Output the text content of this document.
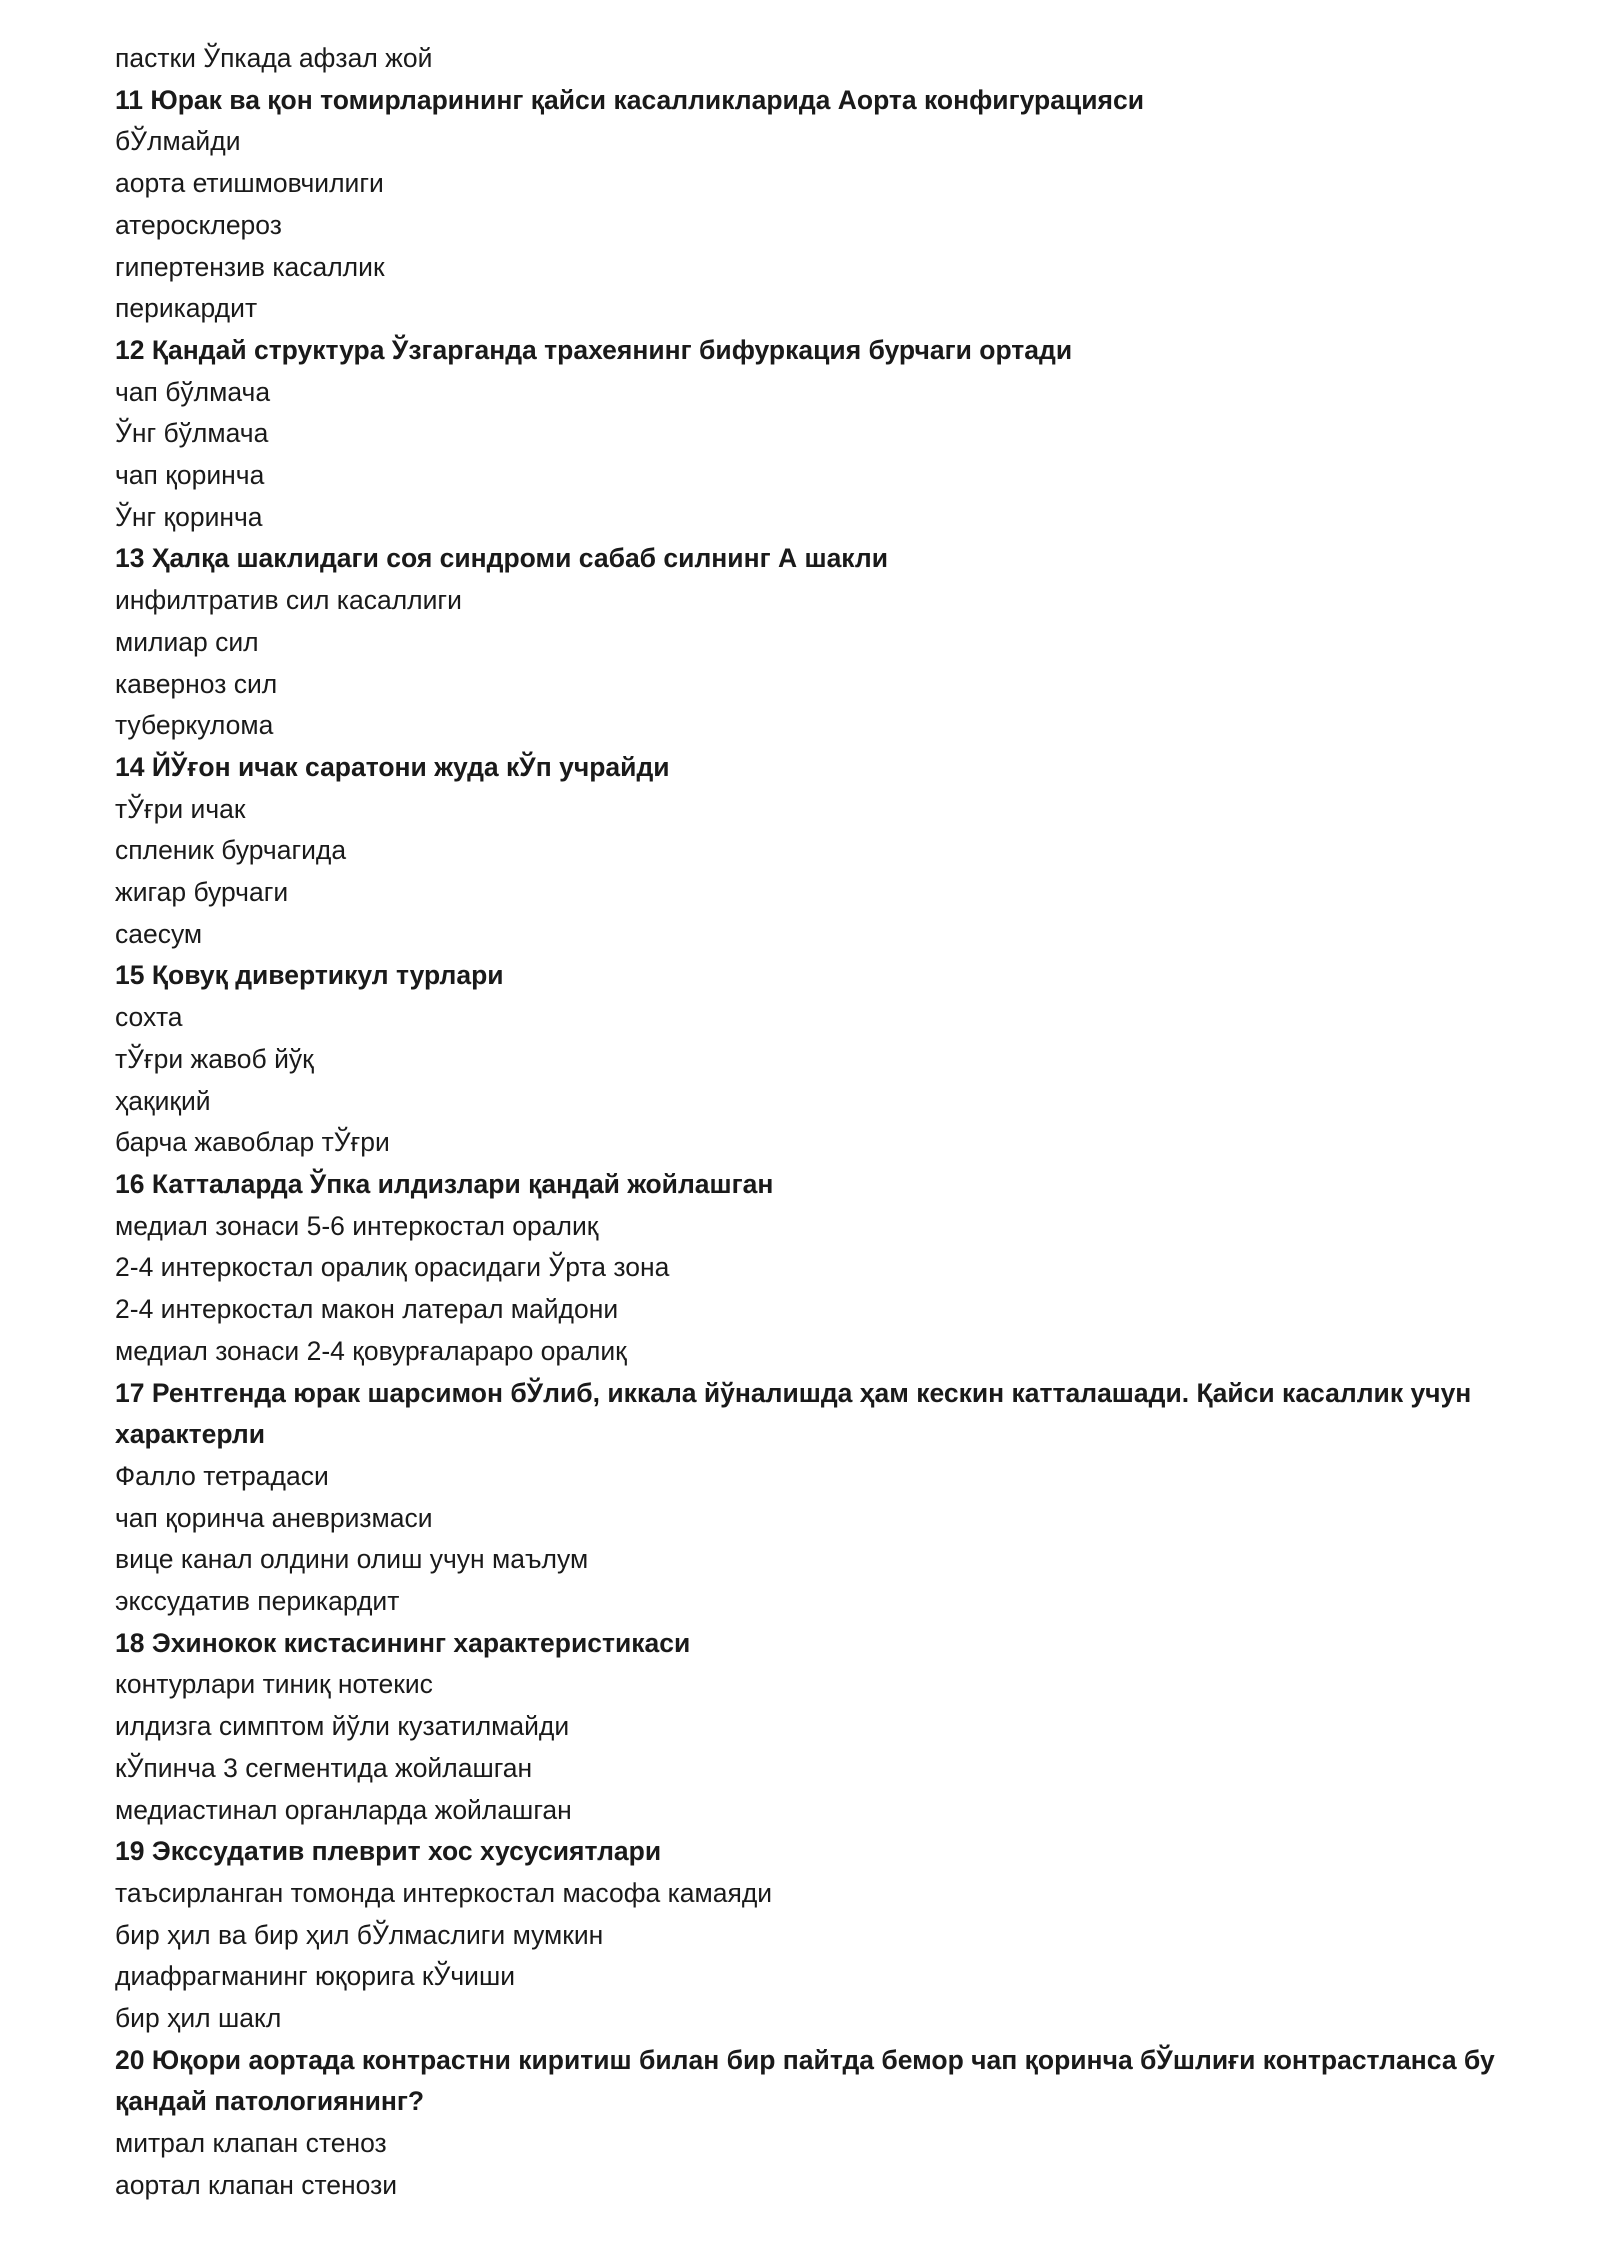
пастки Ўпкада афзал жой
11 Юрак ва қон томирларининг қайси касалликларида Аорта конфигурацияси
бЎлмайди
аорта етишмовчилиги
атеросклероз
гипертензив касаллик
перикардит
12 Қандай структура Ўзгарганда трахеянинг бифуркация бурчаги ортади
чап бўлмача
Ўнг бўлмача
чап қоринча
Ўнг қоринча
13 Ҳалқа шаклидаги соя синдроми сабаб силнинг А шакли
инфилтратив сил касаллиги
милиар сил
каверноз сил
туберкулома
14 ЙЎғон ичак саратони жуда кЎп учрайди
тЎғри ичак
спленик бурчагида
жигар бурчаги
саесум
15 Қовуқ дивертикул турлари
сохта
тЎғри жавоб йўқ
ҳақиқий
барча жавоблар тЎғри
16 Катталарда Ўпка илдизлари қандай жойлашган
медиал зонаси 5-6 интеркостал оралиқ
2-4 интеркостал оралиқ орасидаги Ўрта зона
2-4 интеркостал макон латерал майдони
медиал зонаси 2-4 қовурғалараро оралиқ
17 Рентгенда юрак шарсимон бЎлиб, иккала йўналишда ҳам кескин катталашади. Қайси касаллик учун характерли
Фалло тетрадаси
чап қоринча аневризмаси
вице канал олдини олиш учун маълум
экссудатив перикардит
18 Эхинокок кистасининг характеристикаси
контурлари тиниқ нотекис
илдизга симптом йўли кузатилмайди
кЎпинча 3 сегментида жойлашган
медиастинал органларда жойлашган
19 Экссудатив плеврит хос хусусиятлари
таъсирланган томонда интеркостал масофа камаяди
бир ҳил ва бир ҳил бЎлмаслиги мумкин
диафрагманинг юқорига кЎчиши
бир ҳил шакл
20 Юқори аортада контрастни киритиш билан бир пайтда бемор чап қоринча бЎшлиғи контрастланса бу қандай патологиянинг?
митрал клапан стеноз
аортал клапан стенози
